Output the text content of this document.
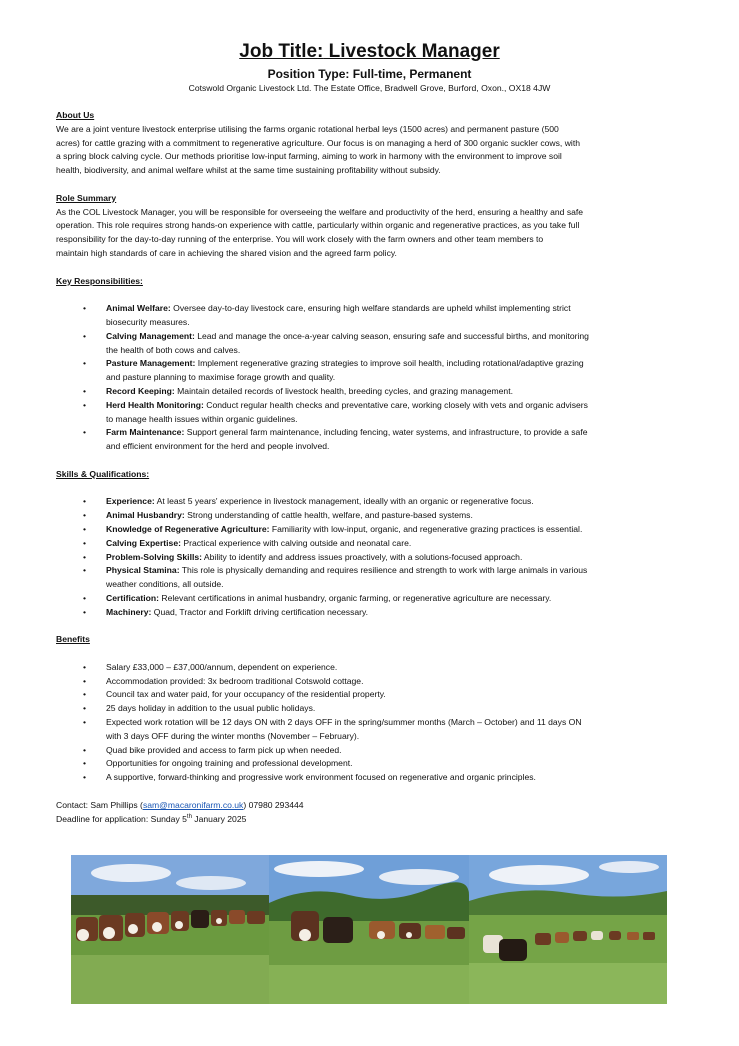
Job Title: Livestock Manager
Position Type: Full-time, Permanent
Cotswold Organic Livestock Ltd. The Estate Office, Bradwell Grove, Burford, Oxon., OX18 4JW
About Us
We are a joint venture livestock enterprise utilising the farms organic rotational herbal leys (1500 acres) and permanent pasture (500
acres) for cattle grazing with a commitment to regenerative agriculture. Our focus is on managing a herd of 300 organic suckler cows, with
a spring block calving cycle. Our methods prioritise low-input farming, aiming to work in harmony with the environment to improve soil
health, biodiversity, and animal welfare whilst at the same time sustaining profitability without subsidy.
Role Summary
As the COL Livestock Manager, you will be responsible for overseeing the welfare and productivity of the herd, ensuring a healthy and safe
operation. This role requires strong hands-on experience with cattle, particularly within organic and regenerative practices, as you take full
responsibility for the day-to-day running of the enterprise. You will work closely with the farm owners and other team members to
maintain high standards of care in achieving the shared vision and the agreed farm policy.
Key Responsibilities:
• Animal Welfare: Oversee day-to-day livestock care, ensuring high welfare standards are upheld whilst implementing strict
biosecurity measures.
• Calving Management: Lead and manage the once-a-year calving season, ensuring safe and successful births, and monitoring
the health of both cows and calves.
• Pasture Management: Implement regenerative grazing strategies to improve soil health, including rotational/adaptive grazing
and pasture planning to maximise forage growth and quality.
• Record Keeping: Maintain detailed records of livestock health, breeding cycles, and grazing management.
• Herd Health Monitoring: Conduct regular health checks and preventative care, working closely with vets and organic advisers
to manage health issues within organic guidelines.
• Farm Maintenance: Support general farm maintenance, including fencing, water systems, and infrastructure, to provide a safe
and efficient environment for the herd and people involved.
Skills & Qualifications:
• Experience: At least 5 years' experience in livestock management, ideally with an organic or regenerative focus.
• Animal Husbandry: Strong understanding of cattle health, welfare, and pasture-based systems.
• Knowledge of Regenerative Agriculture: Familiarity with low-input, organic, and regenerative grazing practices is essential.
• Calving Expertise: Practical experience with calving outside and neonatal care.
• Problem-Solving Skills: Ability to identify and address issues proactively, with a solutions-focused approach.
• Physical Stamina: This role is physically demanding and requires resilience and strength to work with large animals in various
weather conditions, all outside.
• Certification: Relevant certifications in animal husbandry, organic farming, or regenerative agriculture are necessary.
• Machinery: Quad, Tractor and Forklift driving certification necessary.
Benefits
• Salary £33,000 – £37,000/annum, dependent on experience.
• Accommodation provided: 3x bedroom traditional Cotswold cottage.
• Council tax and water paid, for your occupancy of the residential property.
• 25 days holiday in addition to the usual public holidays.
• Expected work rotation will be 12 days ON with 2 days OFF in the spring/summer months (March – October) and 11 days ON
with 3 days OFF during the winter months (November – February).
• Quad bike provided and access to farm pick up when needed.
• Opportunities for ongoing training and professional development.
• A supportive, forward-thinking and progressive work environment focused on regenerative and organic principles.
Contact: Sam Phillips (sam@macaronifarm.co.uk) 07980 293444
Deadline for application: Sunday 5th January 2025
